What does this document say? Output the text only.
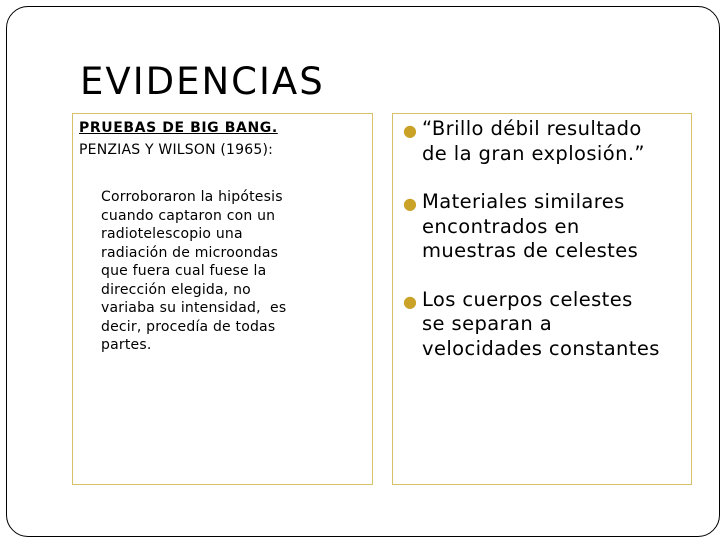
EVIDENCIAS
PRUEBAS DE BIG BANG.
PENZIAS Y WILSON (1965):
Corroboraron la hipótesis
cuando captaron con un
radiotelescopio una
radiación de microondas
que fuera cual fuese la
dirección elegida, no
variaba su intensidad,  es
decir, procedía de todas
partes.
● “Brillo débil resultado
de la gran explosión.”
● Materiales similares
encontrados en
muestras de celestes
● Los cuerpos celestes
se separan a
velocidades constantes
